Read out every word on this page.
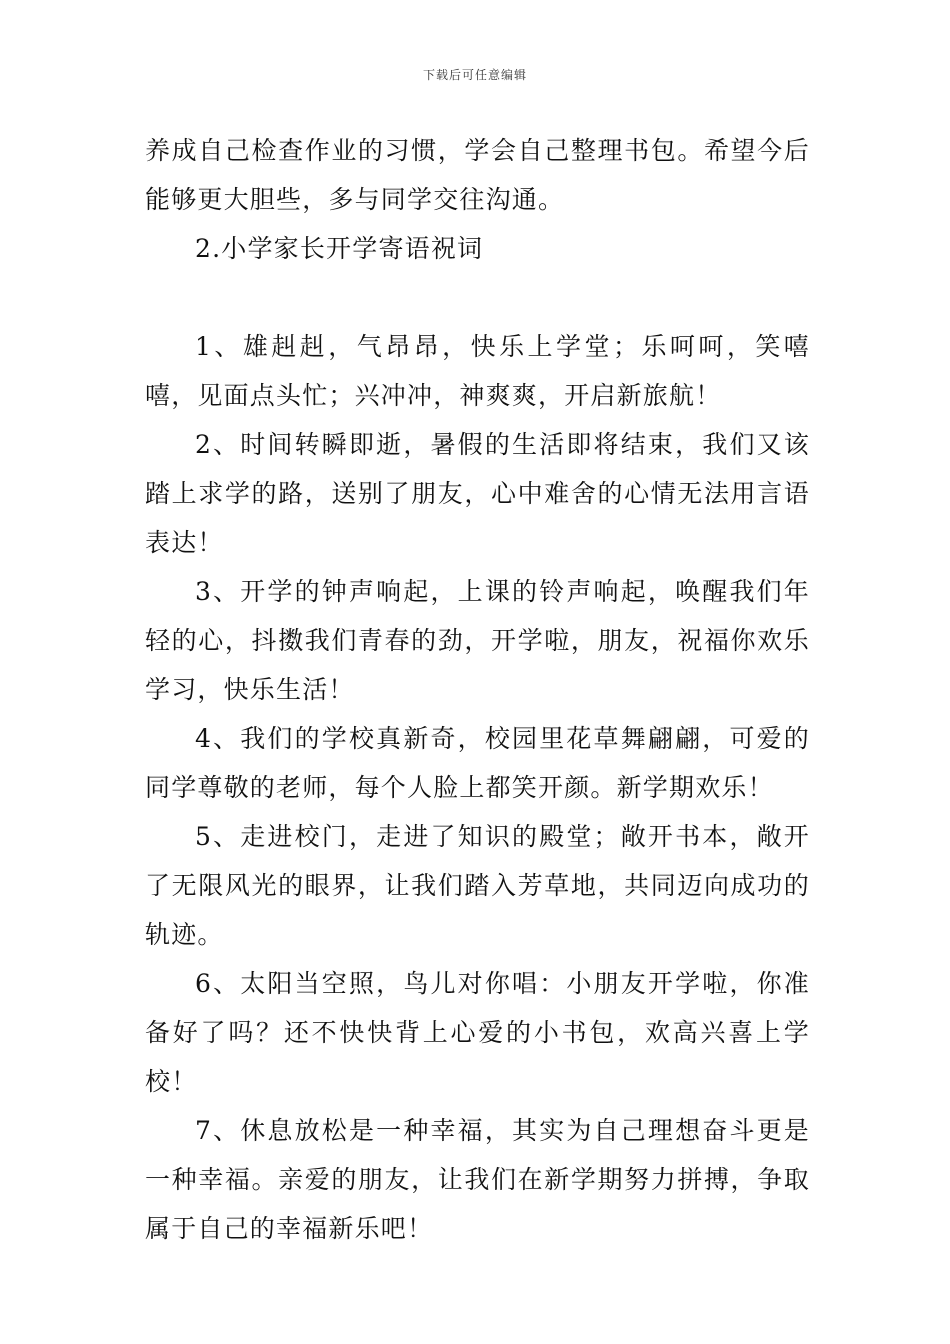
下载后可任意编辑

养成自己检查作业的习惯，学会自己整理书包。希望今后能够更大胆些，多与同学交往沟通。

2.小学家长开学寄语祝词

1、雄赳赳，气昂昂，快乐上学堂；乐呵呵，笑嘻嘻，见面点头忙；兴冲冲，神爽爽，开启新旅航！

2、时间转瞬即逝，暑假的生活即将结束，我们又该踏上求学的路，送别了朋友，心中难舍的心情无法用言语表达！

3、开学的钟声响起，上课的铃声响起，唤醒我们年轻的心，抖擞我们青春的劲，开学啦，朋友，祝福你欢乐学习，快乐生活！

4、我们的学校真新奇，校园里花草舞翩翩，可爱的同学尊敬的老师，每个人脸上都笑开颜。新学期欢乐！

5、走进校门，走进了知识的殿堂；敞开书本，敞开了无限风光的眼界，让我们踏入芳草地，共同迈向成功的轨迹。

6、太阳当空照，鸟儿对你唱：小朋友开学啦，你准备好了吗？还不快快背上心爱的小书包，欢高兴喜上学校！

7、休息放松是一种幸福，其实为自己理想奋斗更是一种幸福。亲爱的朋友，让我们在新学期努力拼搏，争取属于自己的幸福新乐吧！
